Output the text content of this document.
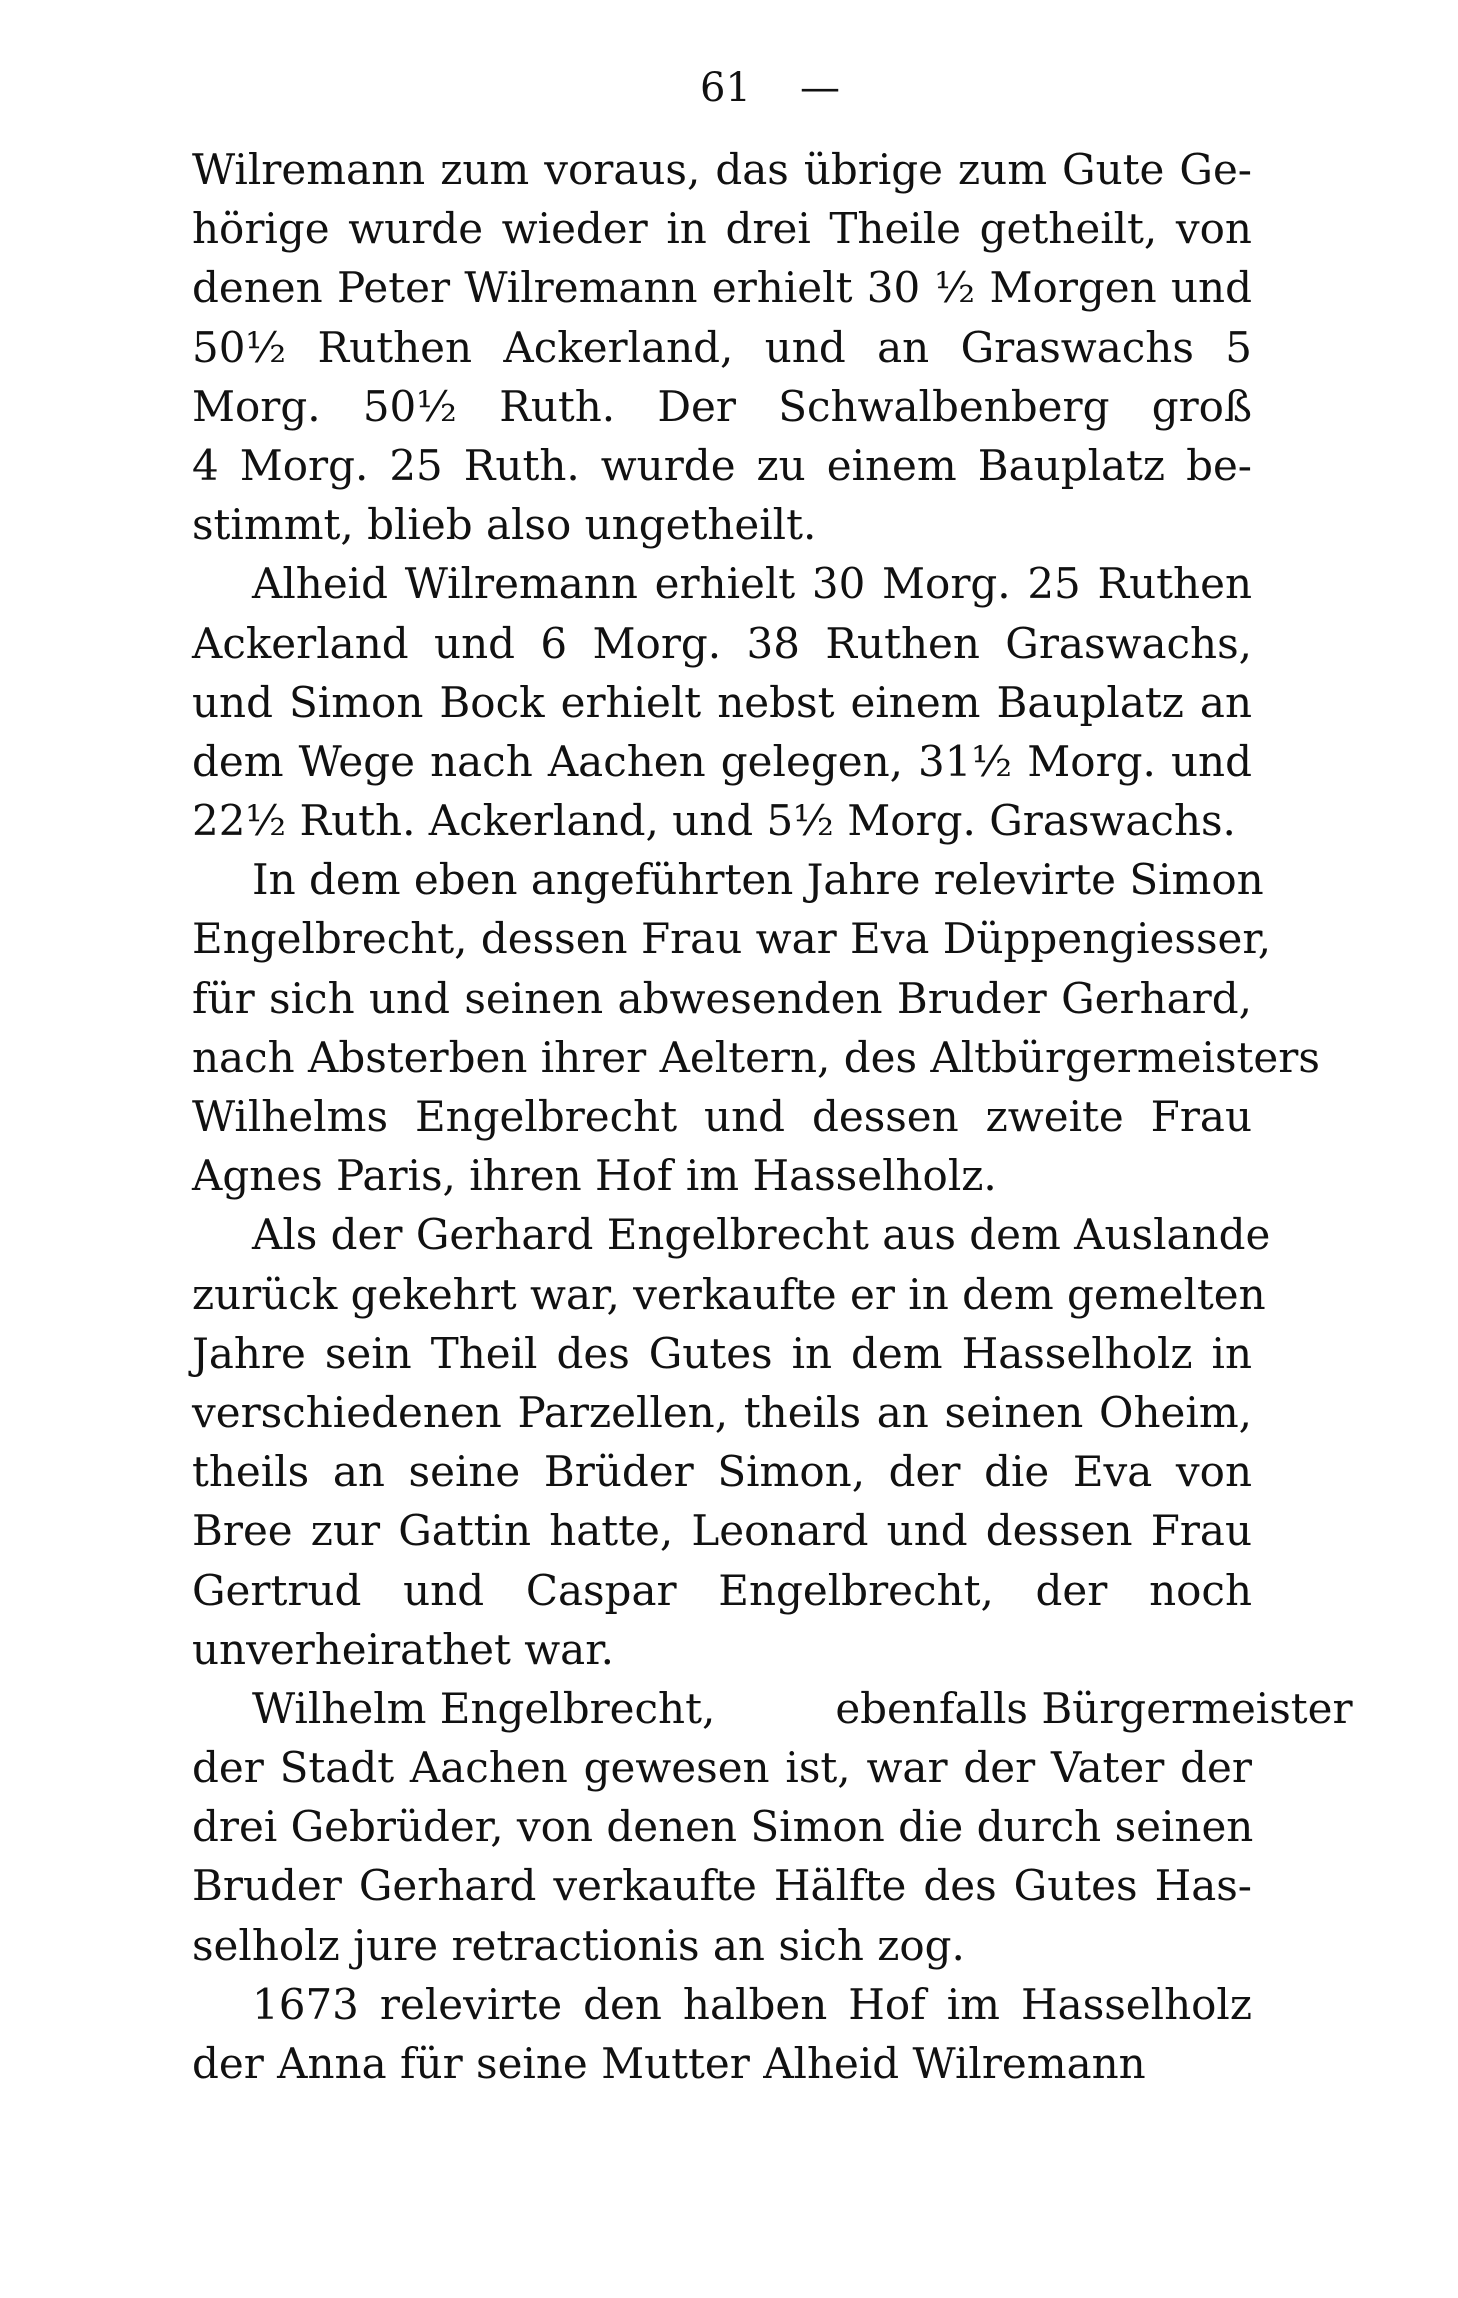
61 —
Wilremann zum voraus, das übrige zum Gute Ge-
hörige wurde wieder in drei Theile getheilt, von
denen Peter Wilremann erhielt 30 ½ Morgen und
50½ Ruthen Ackerland, und an Graswachs 5
Morg. 50½ Ruth. Der Schwalbenberg groß
4 Morg. 25 Ruth. wurde zu einem Bauplatz be-
stimmt, blieb also ungetheilt.
Alheid Wilremann erhielt 30 Morg. 25 Ruthen
Ackerland und 6 Morg. 38 Ruthen Graswachs,
und Simon Bock erhielt nebst einem Bauplatz an
dem Wege nach Aachen gelegen, 31½ Morg. und
22½ Ruth. Ackerland, und 5½ Morg. Graswachs.
In dem eben angeführten Jahre relevirte Simon
Engelbrecht, dessen Frau war Eva Düppengiesser,
für sich und seinen abwesenden Bruder Gerhard,
nach Absterben ihrer Aeltern, des Altbürgermeisters
Wilhelms Engelbrecht und dessen zweite Frau
Agnes Paris, ihren Hof im Hasselholz.
Als der Gerhard Engelbrecht aus dem Auslande
zurück gekehrt war, verkaufte er in dem gemelten
Jahre sein Theil des Gutes in dem Hasselholz in
verschiedenen Parzellen, theils an seinen Oheim,
theils an seine Brüder Simon, der die Eva von
Bree zur Gattin hatte, Leonard und dessen Frau
Gertrud und Caspar Engelbrecht, der noch
unverheirathet war.
Wilhelm Engelbrecht,	ebenfalls Bürgermeister
der Stadt Aachen gewesen ist, war der Vater der
drei Gebrüder, von denen Simon die durch seinen
Bruder Gerhard verkaufte Hälfte des Gutes Has-
selholz jure retractionis an sich zog.
1673 relevirte den halben Hof im Hasselholz
der Anna für seine Mutter Alheid Wilremann
